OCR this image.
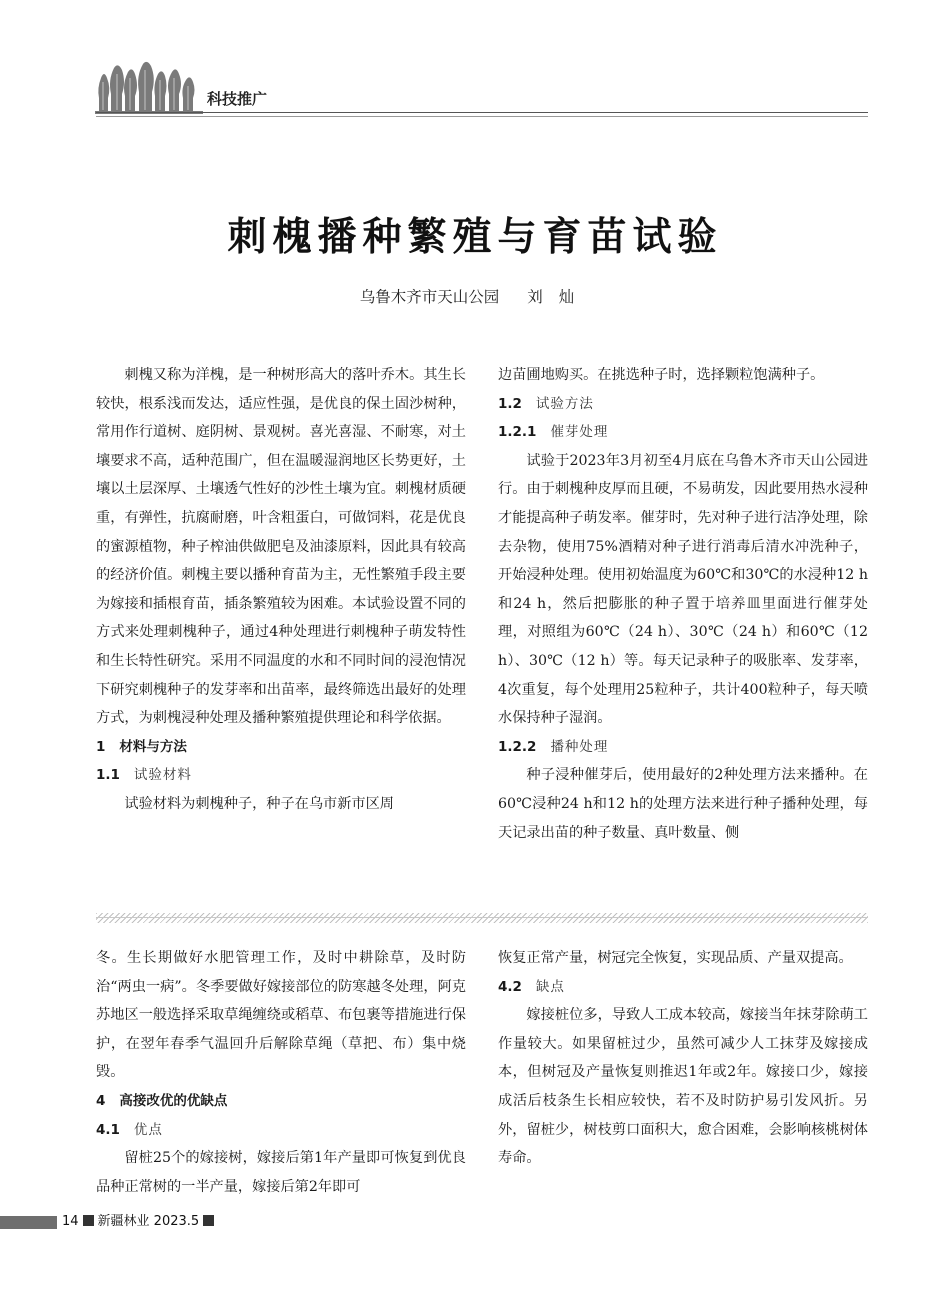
科技推广
刺槐播种繁殖与育苗试验
乌鲁木齐市天山公园 刘灿

刺槐又称为洋槐，是一种树形高大的落叶乔木。其生长较快，根系浅而发达，适应性强，是优良的保土固沙树种，常用作行道树、庭阴树、景观树。喜光喜湿、不耐寒，对土壤要求不高，适种范围广，但在温暖湿润地区长势更好，土壤以土层深厚、土壤透气性好的沙性土壤为宜。刺槐材质硬重，有弹性，抗腐耐磨，叶含粗蛋白，可做饲料，花是优良的蜜源植物，种子榨油供做肥皂及油漆原料，因此具有较高的经济价值。刺槐主要以播种育苗为主，无性繁殖手段主要为嫁接和插根育苗，插条繁殖较为困难。本试验设置不同的方式来处理刺槐种子，通过4种处理进行刺槐种子萌发特性和生长特性研究。采用不同温度的水和不同时间的浸泡情况下研究刺槐种子的发芽率和出苗率，最终筛选出最好的处理方式，为刺槐浸种处理及播种繁殖提供理论和科学依据。

1 材料与方法
1.1 试验材料

试验材料为刺槐种子，种子在乌市新市区周

边苗圃地购买。在挑选种子时，选择颗粒饱满种子。

1.2 试验方法
1.2.1 催芽处理

试验于2023年3月初至4月底在乌鲁木齐市天山公园进行。由于刺槐种皮厚而且硬，不易萌发，因此要用热水浸种才能提高种子萌发率。催芽时，先对种子进行洁净处理，除去杂物，使用75%酒精对种子进行消毒后清水冲洗种子，开始浸种处理。使用初始温度为60℃和30℃的水浸种12 h和24 h，然后把膨胀的种子置于培养皿里面进行催芽处理，对照组为60℃（24 h）、30℃（24 h）和60℃（12 h）、30℃（12 h）等。每天记录种子的吸胀率、发芽率，4次重复，每个处理用25粒种子，共计400粒种子，每天喷水保持种子湿润。

1.2.2 播种处理

种子浸种催芽后，使用最好的2种处理方法来播种。在60℃浸种24 h和12 h的处理方法来进行种子播种处理，每天记录出苗的种子数量、真叶数量、侧

冬。生长期做好水肥管理工作，及时中耕除草，及时防治“两虫一病”。冬季要做好嫁接部位的防寒越冬处理，阿克苏地区一般选择采取草绳缠绕或稻草、布包裹等措施进行保护，在翌年春季气温回升后解除草绳（草把、布）集中烧毁。

4 高接改优的优缺点
4.1 优点

留桩25个的嫁接树，嫁接后第1年产量即可恢复到优良品种正常树的一半产量，嫁接后第2年即可

恢复正常产量，树冠完全恢复，实现品质、产量双提高。

4.2 缺点

嫁接桩位多，导致人工成本较高，嫁接当年抹芽除萌工作量较大。如果留桩过少，虽然可减少人工抹芽及嫁接成本，但树冠及产量恢复则推迟1年或2年。嫁接口少，嫁接成活后枝条生长相应较快，若不及时防护易引发风折。另外，留桩少，树枝剪口面积大，愈合困难，会影响核桃树体寿命。

14 新疆林业 2023.5
